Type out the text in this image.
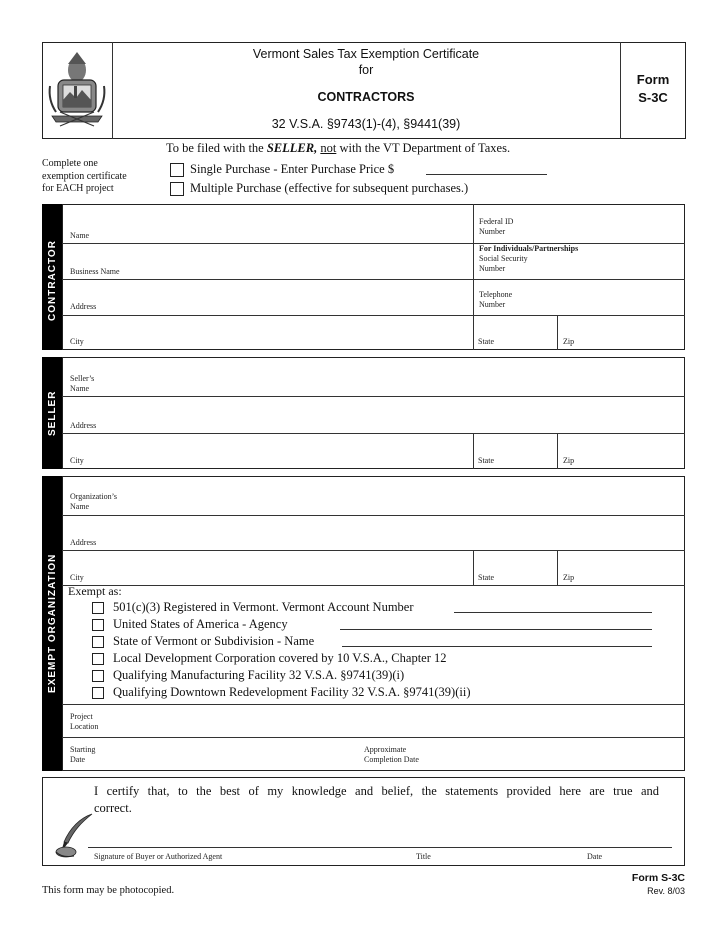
Vermont Sales Tax Exemption Certificate
for
CONTRACTORS
32 V.S.A. §9743(1)-(4), §9441(39)
Form
S-3C
To be filed with the SELLER, not with the VT Department of Taxes.
Complete one
exemption certificate
for EACH project
Single Purchase - Enter Purchase Price $
Multiple Purchase (effective for subsequent purchases.)
CONTRACTOR
Name
Business Name
Address
City	State	Zip
Federal ID
Number
For Individuals/Partnerships
Social Security
Number
Telephone
Number
SELLER
Seller’s
Name
Address
City	State	Zip
EXEMPT ORGANIZATION
Organization’s
Name
Address
City	State	Zip
Exempt as:
501(c)(3) Registered in Vermont. Vermont Account Number
United States of America - Agency
State of Vermont or Subdivision - Name
Local Development Corporation covered by 10 V.S.A., Chapter 12
Qualifying Manufacturing Facility 32 V.S.A. §9741(39)(i)
Qualifying Downtown Redevelopment Facility 32 V.S.A. §9741(39)(ii)
Project
Location
Starting
Date
Approximate
Completion Date
I certify that, to the best of my knowledge and belief, the statements provided here are true and
correct.
Signature of Buyer or Authorized Agent	Title	Date
This form may be photocopied.
Form S-3C
Rev. 8/03
